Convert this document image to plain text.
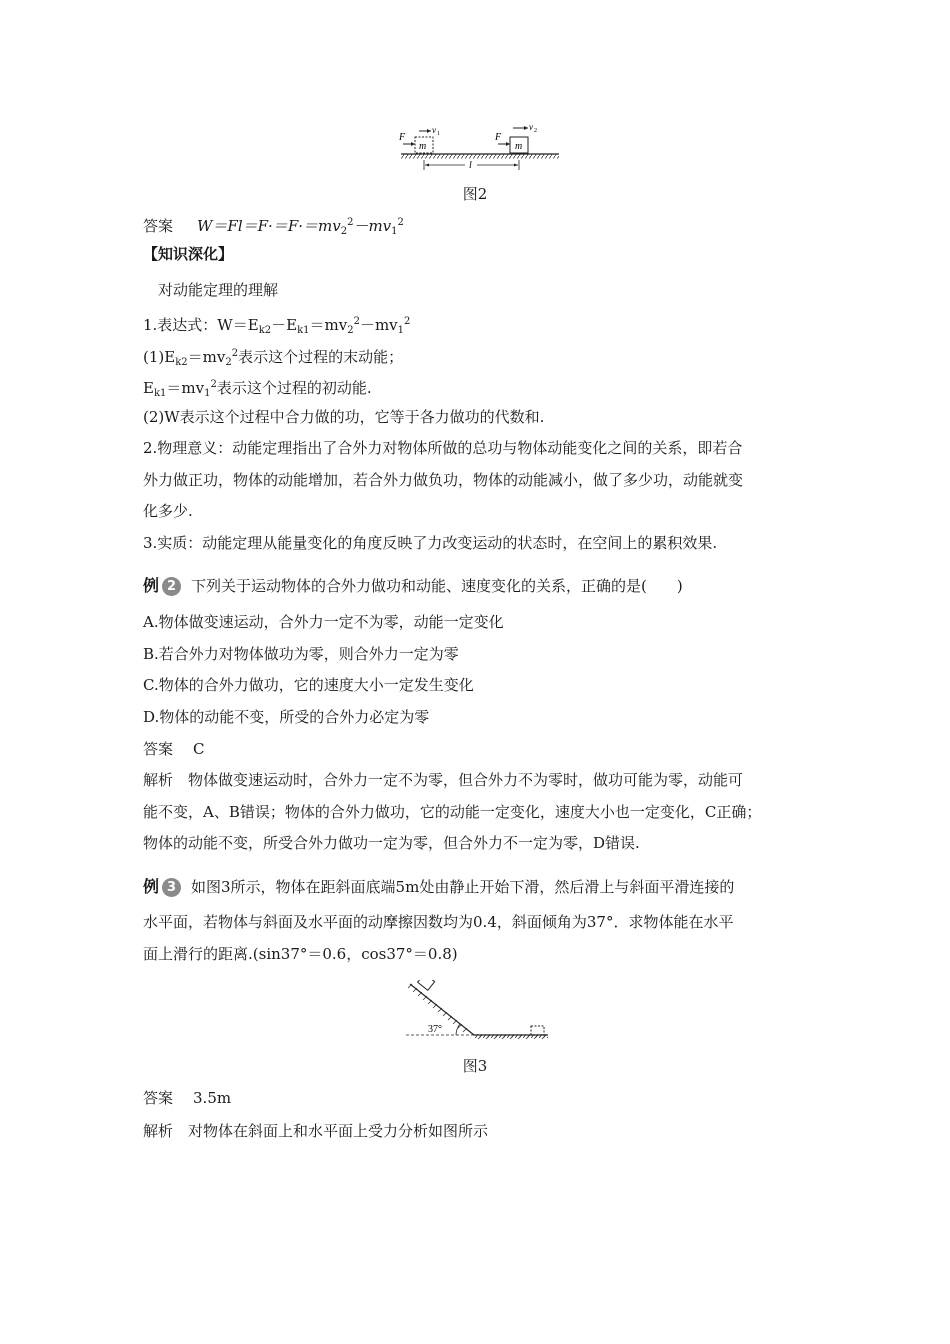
m
F
v 1
m
F
v 2
l
图2
答案 $W=Fl=F\cdot=F\cdot=mv_2^2-mv_1^2$
【知识深化】
对动能定理的理解
1.表达式：$W=E_{k2}-E_{k1}=mv_2^2-mv_1^2$
$(1)E_{k2}=mv_2^2$表示这个过程的末动能；
$E_{k1}=mv_1^2$表示这个过程的初动能.
(2)W表示这个过程中合力做的功，它等于各力做功的代数和.
2.物理意义：动能定理指出了合外力对物体所做的总功与物体动能变化之间的关系，即若合
外力做正功，物体的动能增加，若合外力做负功，物体的动能减小，做了多少功，动能就变
化多少.
3.实质：动能定理从能量变化的角度反映了力改变运动的状态时，在空间上的累积效果.
例 2 下列关于运动物体的合外力做功和动能、速度变化的关系，正确的是(　　)
A.物体做变速运动，合外力一定不为零，动能一定变化
B.若合外力对物体做功为零，则合外力一定为零
C.物体的合外力做功，它的速度大小一定发生变化
D.物体的动能不变，所受的合外力必定为零
答案 C
解析 物体做变速运动时，合外力一定不为零，但合外力不为零时，做功可能为零，动能可
能不变，A、B错误；物体的合外力做功，它的动能一定变化，速度大小也一定变化，C正确；
物体的动能不变，所受合外力做功一定为零，但合外力不一定为零，D错误.
例 3 如图3所示，物体在距斜面底端5m处由静止开始下滑，然后滑上与斜面平滑连接的
水平面，若物体与斜面及水平面的动摩擦因数均为0.4，斜面倾角为37°．求物体能在水平
面上滑行的距离.(sin37°＝0.6，cos37°＝0.8)
37°
图3
答案 3.5m
解析 对物体在斜面上和水平面上受力分析如图所示
